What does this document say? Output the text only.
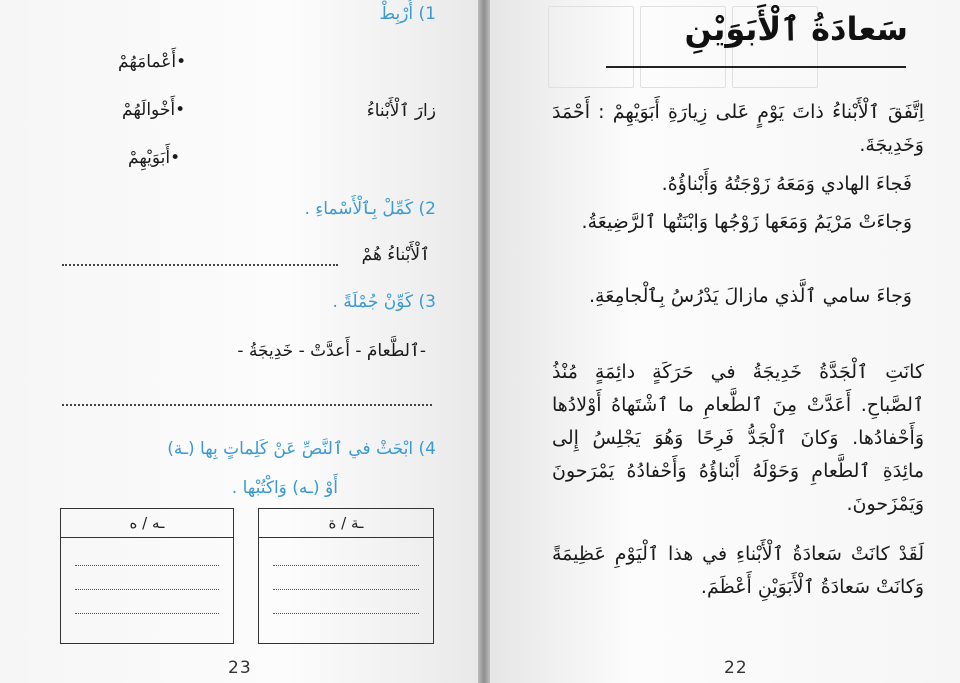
1) أُرْبِطْ
•أَعْمامَهُمْ
زارَ ٱلْأَبْناءُ
•أَخْوالَهُمْ
•أَبَوَيْهِمْ
2) كَمِّلْ بِٱلْأَسْماءِ .
ٱلْأَبْناءُ هُمْ
3) كَوِّنْ جُمْلَةً .
-ٱلطَّعامَ - أَعدَّتْ - خَدِيجَةُ -
4) ابْحَثْ في ٱلنَّصِّ عَنْ كَلِماتٍ بِها (ـة)
أَوْ (ـه) وَاكْتُبْها .
ـه / ه	ـة / ة
23
سَعادَةُ ٱلْأَبَوَيْنِ
اِتَّفَقَ ٱلْأَبْناءُ ذاتَ يَوْمٍ عَلى زِيارَةِ أَبَوَيْهِمْ : أَحْمَدَ وَخَدِيجَةَ.
فَجاءَ الهادي وَمَعَهُ زَوْجَتُهُ وَأَبْناؤُهُ.
وَجاءَتْ مَرْيَمُ وَمَعَها زَوْجُها وَابْنَتُها ٱلرَّضِيعَةُ.
وَجاءَ سامي ٱلَّذي مازالَ يَدْرُسُ بِٱلْجامِعَةِ.
كانَتِ ٱلْجَدَّةُ خَدِيجَةُ في حَرَكَةٍ دائِمَةٍ مُنْذُ ٱلصَّباحِ. أَعَدَّتْ مِنَ ٱلطَّعامِ ما ٱشْتَهاهُ أَوْلادُها وَأَحْفادُها. وَكانَ ٱلْجَدُّ فَرِحًا وَهُوَ يَجْلِسُ إِلى مائِدَةِ ٱلطَّعامِ وَحَوْلَهُ أَبْناؤُهُ وَأَحْفادُهُ يَمْرَحونَ وَيَمْزَحونَ.
لَقَدْ كانَتْ سَعادَةُ ٱلْأَبْناءِ في هذا ٱلْيَوْمِ عَظِيمَةً وَكانَتْ سَعادَةُ ٱلْأَبَوَيْنِ أَعْظَمَ.
22
